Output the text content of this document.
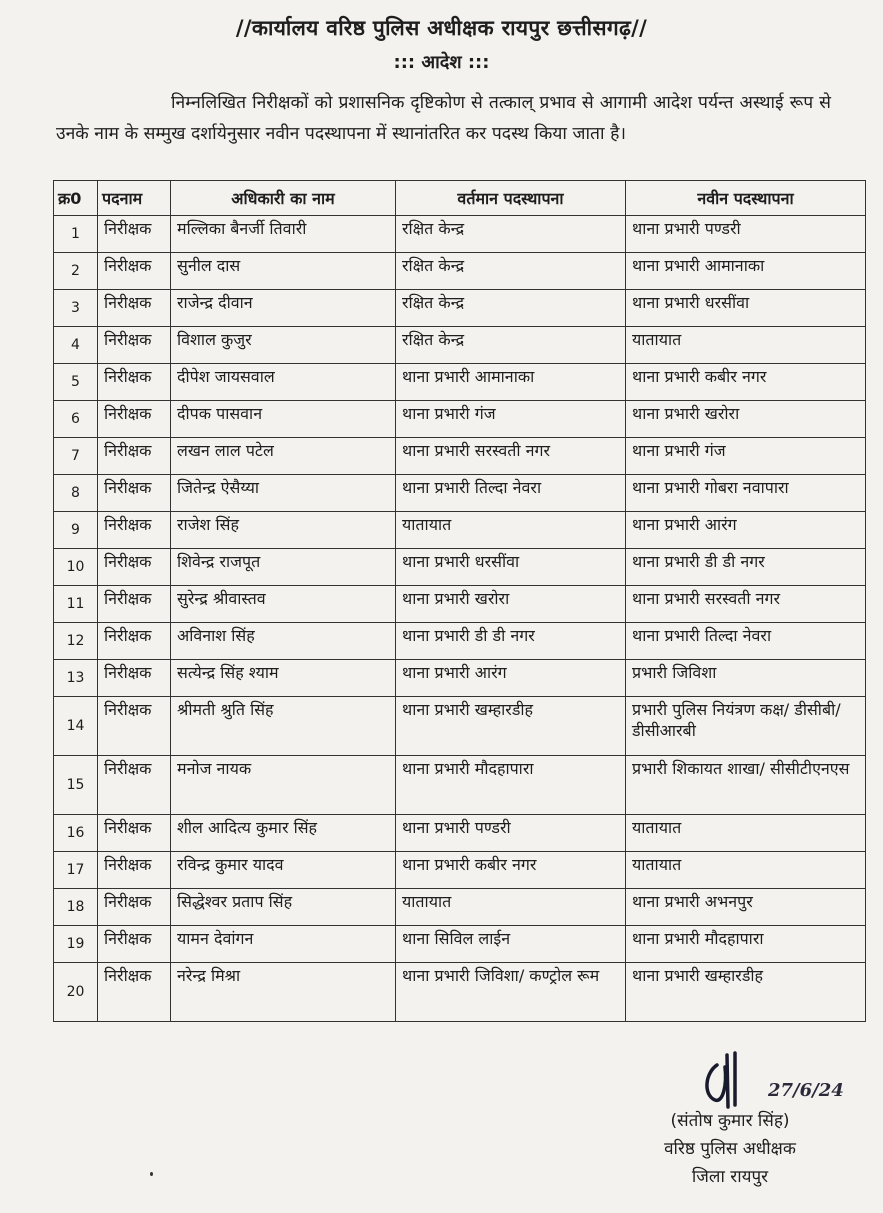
//कार्यालय वरिष्ठ पुलिस अधीक्षक रायपुर छत्तीसगढ़//
::: आदेश :::

निम्नलिखित निरीक्षकों को प्रशासनिक दृष्टिकोण से तत्काल् प्रभाव से आगामी आदेश पर्यन्त अस्थाई रूप से उनके नाम के सम्मुख दर्शायेनुसार नवीन पदस्थापना में स्थानांतरित कर पदस्थ किया जाता है।

क्र0	पदनाम	अधिकारी का नाम	वर्तमान पदस्थापना	नवीन पदस्थापना
1	निरीक्षक	मल्लिका बैनर्जी तिवारी	रक्षित केन्द्र	थाना प्रभारी पण्डरी
2	निरीक्षक	सुनील दास	रक्षित केन्द्र	थाना प्रभारी आमानाका
3	निरीक्षक	राजेन्द्र दीवान	रक्षित केन्द्र	थाना प्रभारी धरसींवा
4	निरीक्षक	विशाल कुजुर	रक्षित केन्द्र	यातायात
5	निरीक्षक	दीपेश जायसवाल	थाना प्रभारी आमानाका	थाना प्रभारी कबीर नगर
6	निरीक्षक	दीपक पासवान	थाना प्रभारी गंज	थाना प्रभारी खरोरा
7	निरीक्षक	लखन लाल पटेल	थाना प्रभारी सरस्वती नगर	थाना प्रभारी गंज
8	निरीक्षक	जितेन्द्र ऐसैय्या	थाना प्रभारी तिल्दा नेवरा	थाना प्रभारी गोबरा नवापारा
9	निरीक्षक	राजेश सिंह	यातायात	थाना प्रभारी आरंग
10	निरीक्षक	शिवेन्द्र राजपूत	थाना प्रभारी धरसींवा	थाना प्रभारी डी डी नगर
11	निरीक्षक	सुरेन्द्र श्रीवास्तव	थाना प्रभारी खरोरा	थाना प्रभारी सरस्वती नगर
12	निरीक्षक	अविनाश सिंह	थाना प्रभारी डी डी नगर	थाना प्रभारी तिल्दा नेवरा
13	निरीक्षक	सत्येन्द्र सिंह श्याम	थाना प्रभारी आरंग	प्रभारी जिविशा
14	निरीक्षक	श्रीमती श्रुति सिंह	थाना प्रभारी खम्हारडीह	प्रभारी पुलिस नियंत्रण कक्ष/ डीसीबी/डीसीआरबी
15	निरीक्षक	मनोज नायक	थाना प्रभारी मौदहापारा	प्रभारी शिकायत शाखा/ सीसीटीएनएस
16	निरीक्षक	शील आदित्य कुमार सिंह	थाना प्रभारी पण्डरी	यातायात
17	निरीक्षक	रविन्द्र कुमार यादव	थाना प्रभारी कबीर नगर	यातायात
18	निरीक्षक	सिद्धेश्वर प्रताप सिंह	यातायात	थाना प्रभारी अभनपुर
19	निरीक्षक	यामन देवांगन	थाना सिविल लाईन	थाना प्रभारी मौदहापारा
20	निरीक्षक	नरेन्द्र मिश्रा	थाना प्रभारी जिविशा/ कण्ट्रोल रूम	थाना प्रभारी खम्हारडीह
27/6/24
(संतोष कुमार सिंह)
वरिष्ठ पुलिस अधीक्षक
जिला रायपुर
